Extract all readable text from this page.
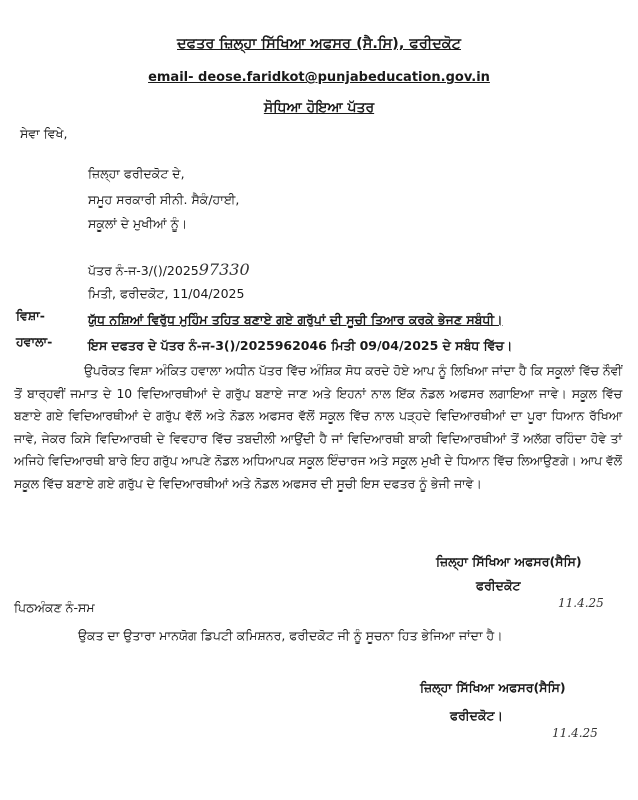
ਦਫਤਰ ਜ਼ਿਲ੍ਹਾ ਸਿੱਖਿਆ ਅਫਸਰ (ਸੈ.ਸਿ), ਫਰੀਦਕੋਟ
email- deose.faridkot@punjabeducation.gov.in
ਸੋਧਿਆ ਹੋਇਆ ਪੱਤਰ
ਸੇਵਾ ਵਿਖੇ,
ਜ਼ਿਲ੍ਹਾ ਫਰੀਦਕੋਟ ਦੇ,
ਸਮੂਹ ਸਰਕਾਰੀ ਸੀਨੀ. ਸੈਕੰ/ਹਾਈ,
ਸਕੂਲਾਂ ਦੇ ਮੁਖੀਆਂ ਨੂੰ।
ਪੱਤਰ ਨੰ-ਜ-3/()/202597330
ਮਿਤੀ, ਫਰੀਦਕੋਟ, 11/04/2025
ਵਿਸ਼ਾ-	ਯੁੱਧ ਨਸ਼ਿਆਂ ਵਿਰੁੱਧ ਮੁਹਿੰਮ ਤਹਿਤ ਬਣਾਏ ਗਏ ਗਰੁੱਪਾਂ ਦੀ ਸੂਚੀ ਤਿਆਰ ਕਰਕੇ ਭੇਜਣ ਸਬੰਧੀ।
ਹਵਾਲਾ-	ਇਸ ਦਫਤਰ ਦੇ ਪੱਤਰ ਨੰ-ਜ-3()/2025962046 ਮਿਤੀ 09/04/2025 ਦੇ ਸਬੰਧ ਵਿੱਚ।
ਉਪਰੋਕਤ ਵਿਸ਼ਾ ਅੰਕਿਤ ਹਵਾਲਾ ਅਧੀਨ ਪੱਤਰ ਵਿੱਚ ਅੰਸ਼ਿਕ ਸੋਧ ਕਰਦੇ ਹੋਏ ਆਪ ਨੂੰ ਲਿਖਿਆ ਜਾਂਦਾ ਹੈ ਕਿ ਸਕੂਲਾਂ ਵਿੱਚ ਨੌਵੀਂ ਤੋਂ ਬਾਰ੍ਹਵੀਂ ਜਮਾਤ ਦੇ 10 ਵਿਦਿਆਰਥੀਆਂ ਦੇ ਗਰੁੱਪ ਬਣਾਏ ਜਾਣ ਅਤੇ ਇਹਨਾਂ ਨਾਲ ਇੱਕ ਨੋਡਲ ਅਫਸਰ ਲਗਾਇਆ ਜਾਵੇ। ਸਕੂਲ ਵਿੱਚ ਬਣਾਏ ਗਏ ਵਿਦਿਆਰਥੀਆਂ ਦੇ ਗਰੁੱਪ ਵੱਲੋਂ ਅਤੇ ਨੋਡਲ ਅਫਸਰ ਵੱਲੋਂ ਸਕੂਲ ਵਿੱਚ ਨਾਲ ਪੜ੍ਹਦੇ ਵਿਦਿਆਰਥੀਆਂ ਦਾ ਪੂਰਾ ਧਿਆਨ ਰੱਖਿਆ ਜਾਵੇ, ਜੇਕਰ ਕਿਸੇ ਵਿਦਿਆਰਥੀ ਦੇ ਵਿਵਹਾਰ ਵਿੱਚ ਤਬਦੀਲੀ ਆਉਂਦੀ ਹੈ ਜਾਂ ਵਿਦਿਆਰਥੀ ਬਾਕੀ ਵਿਦਿਆਰਥੀਆਂ ਤੋਂ ਅਲੱਗ ਰਹਿੰਦਾ ਹੋਵੇ ਤਾਂ ਅਜਿਹੇ ਵਿਦਿਆਰਥੀ ਬਾਰੇ ਇਹ ਗਰੁੱਪ ਆਪਣੇ ਨੋਡਲ ਅਧਿਆਪਕ ਸਕੂਲ ਇੰਚਾਰਜ ਅਤੇ ਸਕੂਲ ਮੁਖੀ ਦੇ ਧਿਆਨ ਵਿੱਚ ਲਿਆਉਣਗੇ। ਆਪ ਵੱਲੋਂ ਸਕੂਲ ਵਿੱਚ ਬਣਾਏ ਗਏ ਗਰੁੱਪ ਦੇ ਵਿਦਿਆਰਥੀਆਂ ਅਤੇ ਨੋਡਲ ਅਫਸਰ ਦੀ ਸੂਚੀ ਇਸ ਦਫਤਰ ਨੂੰ ਭੇਜੀ ਜਾਵੇ।
ਜ਼ਿਲ੍ਹਾ ਸਿੱਖਿਆ ਅਫਸਰ(ਸੈਸਿ)
ਫਰੀਦਕੋਟ
11.4.25
ਪਿਠਅੰਕਣ ਨੰ-ਸਮ
ਉਕਤ ਦਾ ਉਤਾਰਾ ਮਾਨਯੋਗ ਡਿਪਟੀ ਕਮਿਸ਼ਨਰ, ਫਰੀਦਕੋਟ ਜੀ ਨੂੰ ਸੂਚਨਾ ਹਿਤ ਭੇਜਿਆ ਜਾਂਦਾ ਹੈ।
ਜ਼ਿਲ੍ਹਾ ਸਿੱਖਿਆ ਅਫਸਰ(ਸੈਸਿ)
ਫਰੀਦਕੋਟ।
11.4.25
